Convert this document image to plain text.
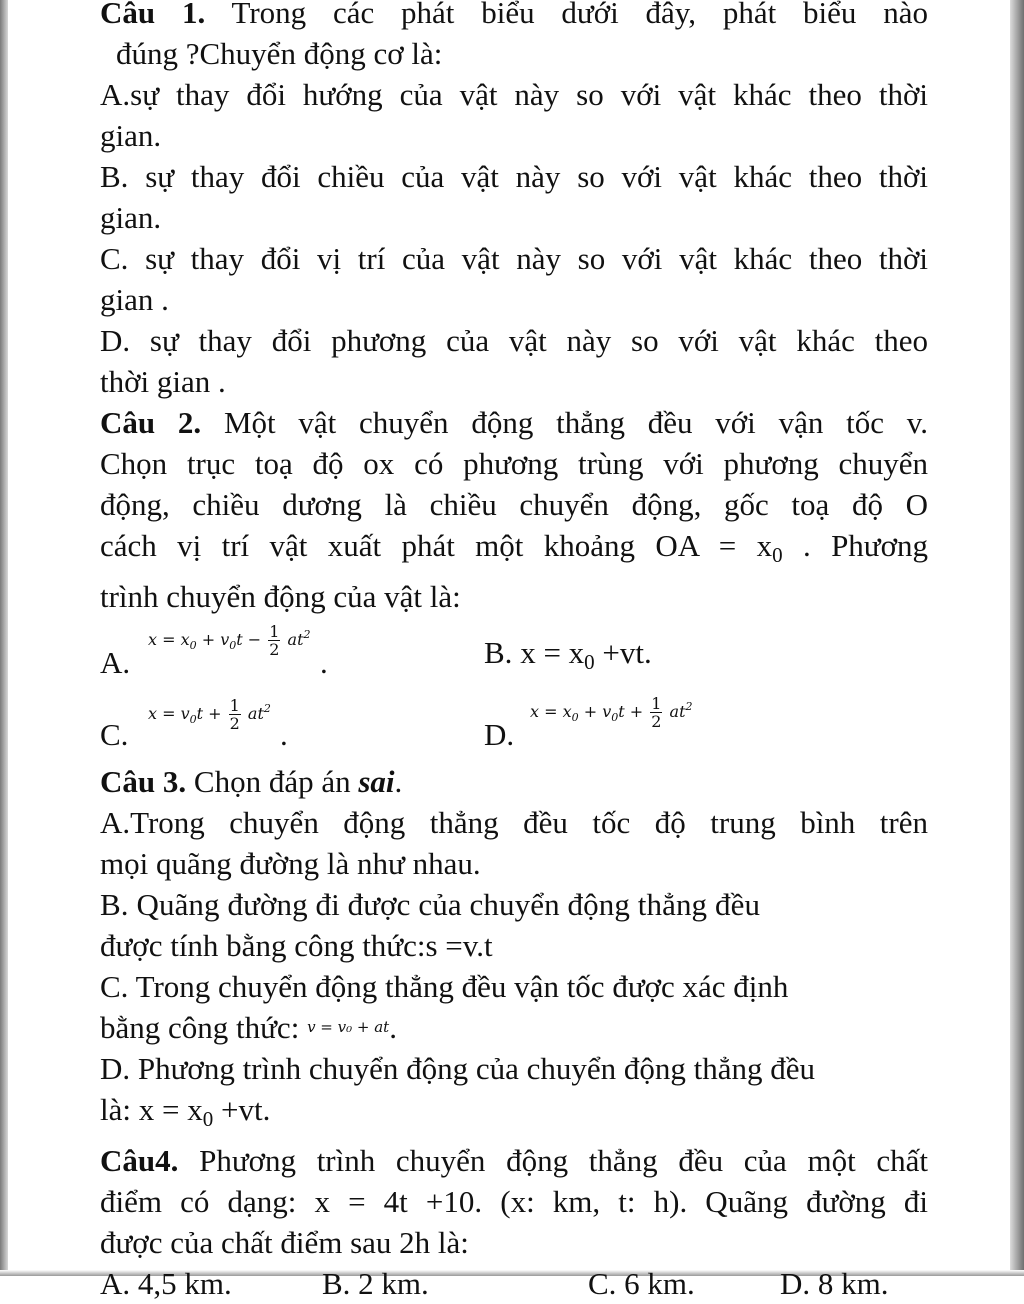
Câu 1. Trong các phát biểu dưới đây, phát biểu nào
đúng ?Chuyển động cơ là:
A.sự thay đổi hướng của vật này so với vật khác theo thời
gian.
B. sự thay đổi chiều của vật này so với vật khác theo thời
gian.
C. sự thay đổi vị trí của vật này so với vật khác theo thời
gian .
D. sự thay đổi phương của vật này so với vật khác theo
thời gian .
Câu 2. Một vật chuyển động thẳng đều với vận tốc v.
Chọn trục toạ độ ox có phương trùng với phương chuyển
động, chiều dương là chiều chuyển động, gốc toạ độ O
cách vị trí vật xuất phát một khoảng OA = $x_0$ . Phương
trình chuyển động của vật là:
A.
$x = x_0 + v_0t - \frac{1}{2} at^2$
.	B. $x = x_0 +vt$.
C.
$x = v_0t + \frac{1}{2} at^2$
.	D.
$x = x_0 + v_0t + \frac{1}{2} at^2$
Câu 3. Chọn đáp án sai.
A.Trong chuyển động thẳng đều tốc độ trung bình trên
mọi quãng đường là như nhau.
B. Quãng đường đi được của chuyển động thẳng đều
được tính bằng công thức:s =v.t
C. Trong chuyển động thẳng đều vận tốc được xác định
bằng công thức: v = v₀ + at.
D. Phương trình chuyển động của chuyển động thẳng đều
là: $x = x_0 +vt$.
Câu4. Phương trình chuyển động thẳng đều của một chất
điểm có dạng: x = 4t +10. (x: km, t: h). Quãng đường đi
được của chất điểm sau 2h là:
A. 4,5 km.	B. 2 km.	C. 6 km.	D. 8 km.
